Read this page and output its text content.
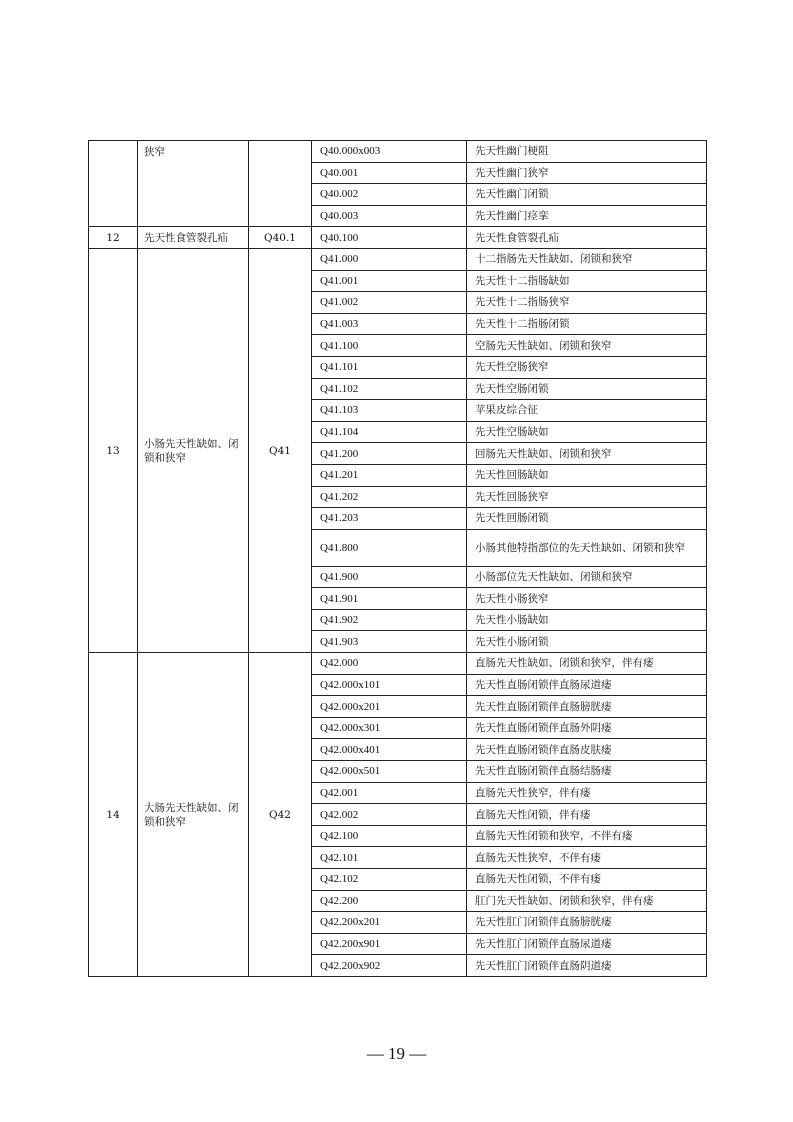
	狭窄		Q40.000x003	先天性幽门梗阻
			Q40.001	先天性幽门狭窄
			Q40.002	先天性幽门闭锁
			Q40.003	先天性幽门痉挛
12	先天性食管裂孔疝	Q40.1	Q40.100	先天性食管裂孔疝
13	小肠先天性缺如、闭锁和狭窄	Q41	Q41.000	十二指肠先天性缺如、闭锁和狭窄
			Q41.001	先天性十二指肠缺如
			Q41.002	先天性十二指肠狭窄
			Q41.003	先天性十二指肠闭锁
			Q41.100	空肠先天性缺如、闭锁和狭窄
			Q41.101	先天性空肠狭窄
			Q41.102	先天性空肠闭锁
			Q41.103	苹果皮综合征
			Q41.104	先天性空肠缺如
			Q41.200	回肠先天性缺如、闭锁和狭窄
			Q41.201	先天性回肠缺如
			Q41.202	先天性回肠狭窄
			Q41.203	先天性回肠闭锁
			Q41.800	小肠其他特指部位的先天性缺如、闭锁和狭窄
			Q41.900	小肠部位先天性缺如、闭锁和狭窄
			Q41.901	先天性小肠狭窄
			Q41.902	先天性小肠缺如
			Q41.903	先天性小肠闭锁
14	大肠先天性缺如、闭锁和狭窄	Q42	Q42.000	直肠先天性缺如、闭锁和狭窄，伴有瘘
			Q42.000x101	先天性直肠闭锁伴直肠尿道瘘
			Q42.000x201	先天性直肠闭锁伴直肠膀胱瘘
			Q42.000x301	先天性直肠闭锁伴直肠外阴瘘
			Q42.000x401	先天性直肠闭锁伴直肠皮肤瘘
			Q42.000x501	先天性直肠闭锁伴直肠结肠瘘
			Q42.001	直肠先天性狭窄，伴有瘘
			Q42.002	直肠先天性闭锁，伴有瘘
			Q42.100	直肠先天性闭锁和狭窄，不伴有瘘
			Q42.101	直肠先天性狭窄，不伴有瘘
			Q42.102	直肠先天性闭锁，不伴有瘘
			Q42.200	肛门先天性缺如、闭锁和狭窄，伴有瘘
			Q42.200x201	先天性肛门闭锁伴直肠膀胱瘘
			Q42.200x901	先天性肛门闭锁伴直肠尿道瘘
			Q42.200x902	先天性肛门闭锁伴直肠阴道瘘
— 19 —
